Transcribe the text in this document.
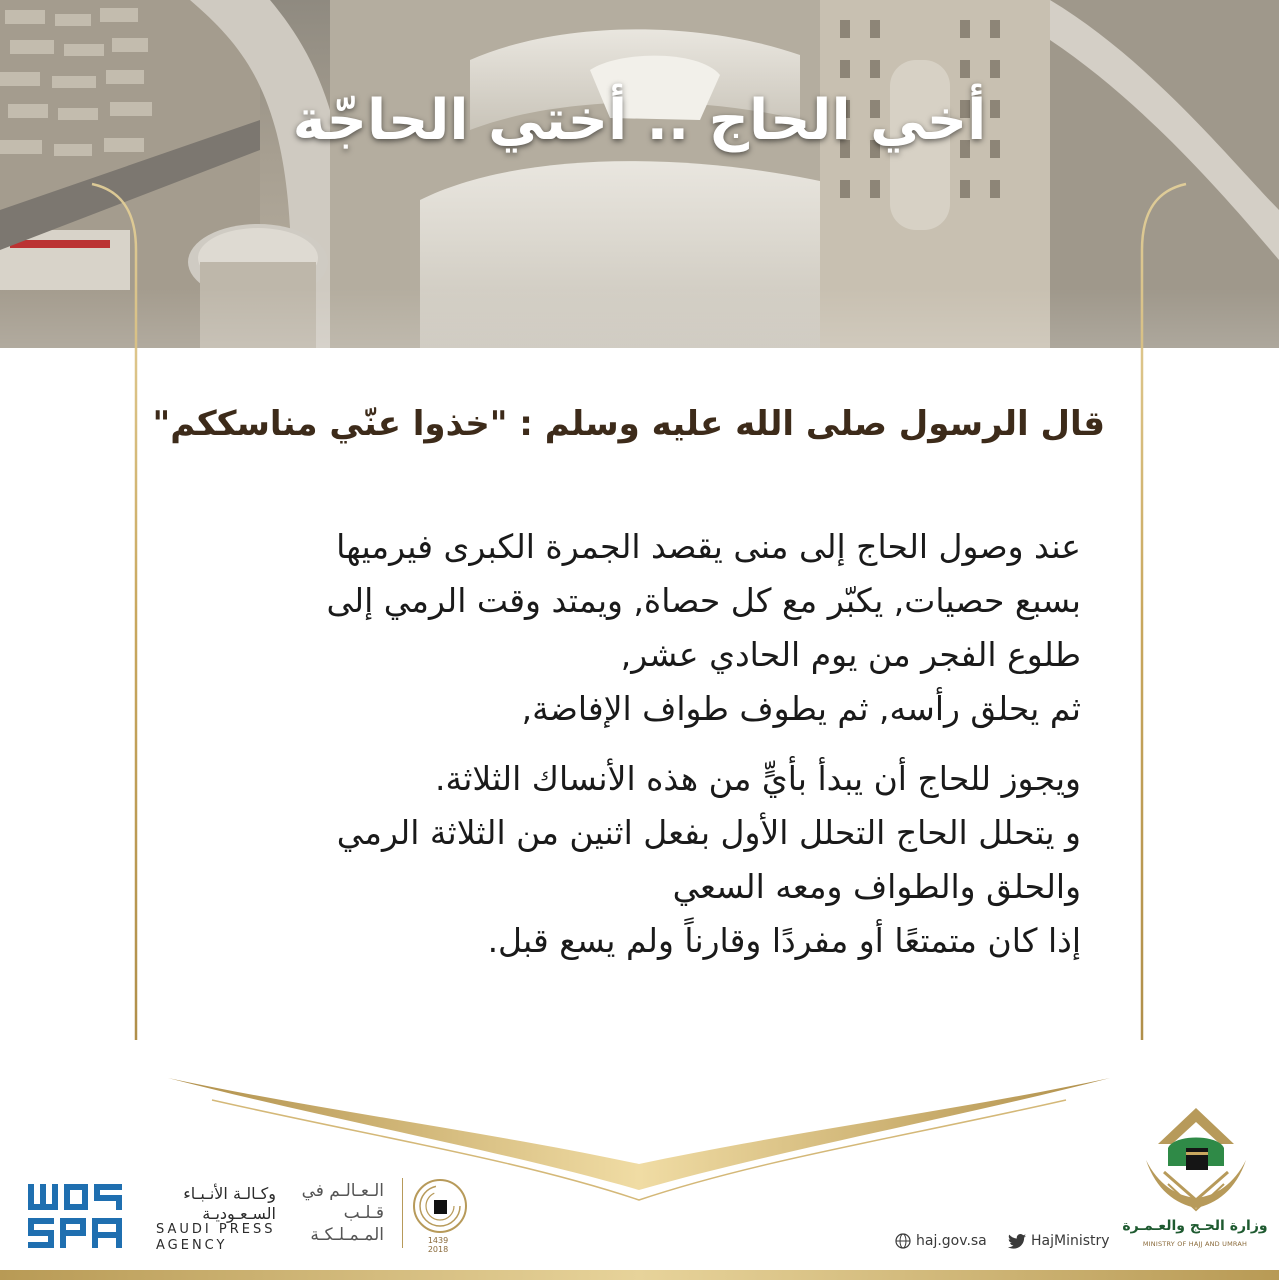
أخي الحاج .. أختي الحاجّة
قال الرسول صلى الله عليه وسلم : "خذوا عنّي مناسككم"
عند وصول الحاج إلى منى يقصد الجمرة الكبرى فيرميها
بسبع حصيات, يكبّر مع كل حصاة, ويمتد وقت الرمي إلى
طلوع الفجر من يوم الحادي عشر,
ثم يحلق رأسه, ثم يطوف طواف الإفاضة,
ويجوز للحاج أن يبدأ بأيٍّ من هذه الأنساك الثلاثة.
و يتحلل الحاج التحلل الأول بفعل اثنين من الثلاثة الرمي
والحلق والطواف ومعه السعي
إذا كان متمتعًا أو مفردًا وقارناً ولم يسع قبل.
وكـالـة الأنـبـاء السـعـوديـة
SAUDI PRESS
AGENCY
الـعـالـم في قـلـب المـمـلـكـة	1439
2018
haj.gov.sa	HajMinistry
وزارة الحـج والعـمـرة
MINISTRY OF HAJJ AND UMRAH
